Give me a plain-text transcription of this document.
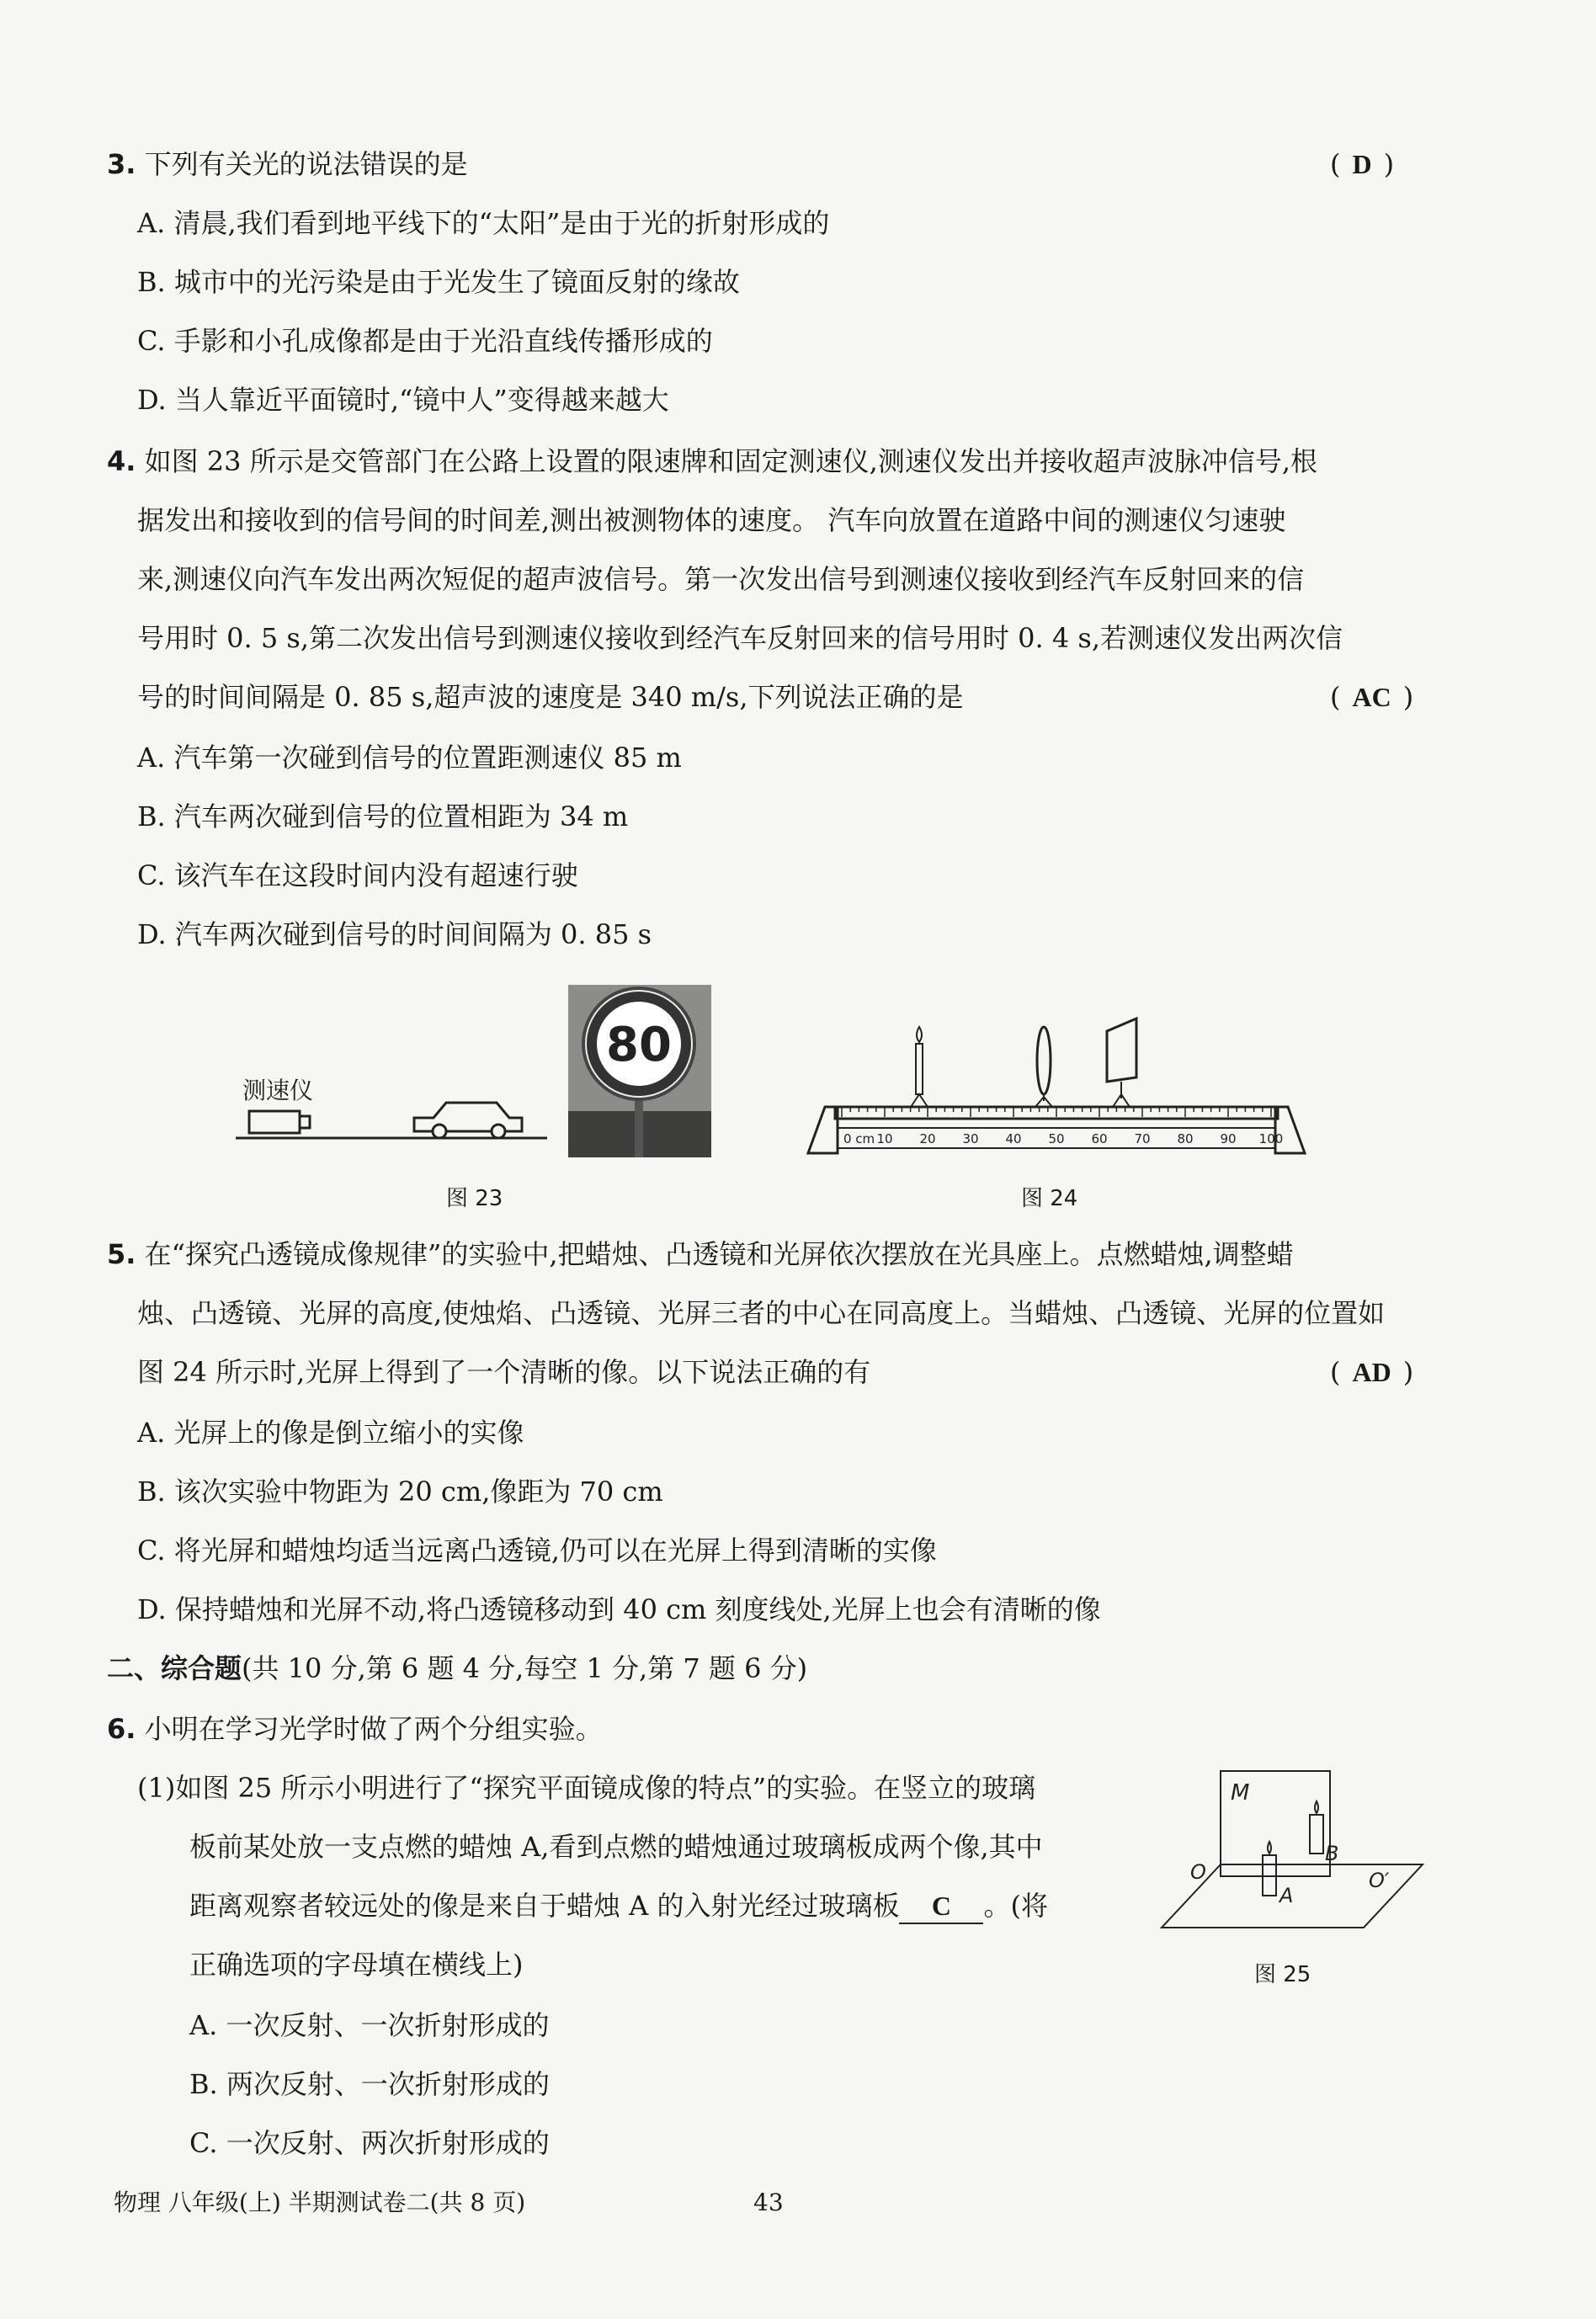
3. 下列有关光的说法错误的是	( D )
A. 清晨,我们看到地平线下的“太阳”是由于光的折射形成的
B. 城市中的光污染是由于光发生了镜面反射的缘故
C. 手影和小孔成像都是由于光沿直线传播形成的
D. 当人靠近平面镜时,“镜中人”变得越来越大
4. 如图 23 所示是交管部门在公路上设置的限速牌和固定测速仪,测速仪发出并接收超声波脉冲信号,根
据发出和接收到的信号间的时间差,测出被测物体的速度。 汽车向放置在道路中间的测速仪匀速驶
来,测速仪向汽车发出两次短促的超声波信号。第一次发出信号到测速仪接收到经汽车反射回来的信
号用时 0. 5 s,第二次发出信号到测速仪接收到经汽车反射回来的信号用时 0. 4 s,若测速仪发出两次信
号的时间间隔是 0. 85 s,超声波的速度是 340 m/s,下列说法正确的是	( AC )
A. 汽车第一次碰到信号的位置距测速仪 85 m
B. 汽车两次碰到信号的位置相距为 34 m
C. 该汽车在这段时间内没有超速行驶
D. 汽车两次碰到信号的时间间隔为 0. 85 s
测速仪
80
图 23
0 cm 10 20 30 40 50 60 70 80 90 100
图 24
5. 在“探究凸透镜成像规律”的实验中,把蜡烛、凸透镜和光屏依次摆放在光具座上。点燃蜡烛,调整蜡
烛、凸透镜、光屏的高度,使烛焰、凸透镜、光屏三者的中心在同高度上。当蜡烛、凸透镜、光屏的位置如
图 24 所示时,光屏上得到了一个清晰的像。以下说法正确的有	( AD )
A. 光屏上的像是倒立缩小的实像
B. 该次实验中物距为 20 cm,像距为 70 cm
C. 将光屏和蜡烛均适当远离凸透镜,仍可以在光屏上得到清晰的实像
D. 保持蜡烛和光屏不动,将凸透镜移动到 40 cm 刻度线处,光屏上也会有清晰的像
二、综合题(共 10 分,第 6 题 4 分,每空 1 分,第 7 题 6 分)
6. 小明在学习光学时做了两个分组实验。
(1)如图 25 所示小明进行了“探究平面镜成像的特点”的实验。在竖立的玻璃
板前某处放一支点燃的蜡烛 A,看到点燃的蜡烛通过玻璃板成两个像,其中
距离观察者较远处的像是来自于蜡烛 A 的入射光经过玻璃板 C 。(将
正确选项的字母填在横线上)
A. 一次反射、一次折射形成的
B. 两次反射、一次折射形成的
C. 一次反射、两次折射形成的
M
B
A
O	O′
图 25
物理 八年级(上) 半期测试卷二(共 8 页)	43
